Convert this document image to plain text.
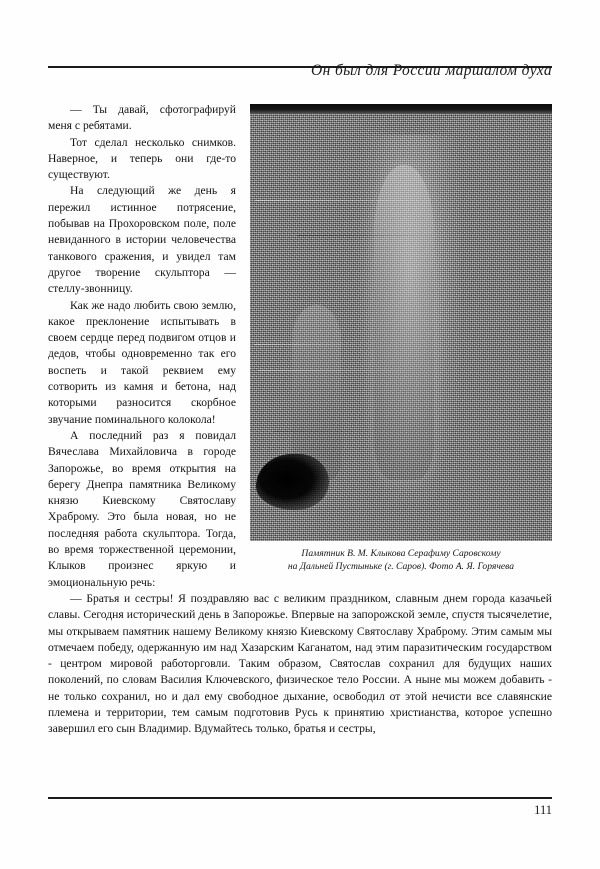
Он был для России маршалом духа
Памятник В. М. Клыкова Серафиму Саровскому
на Дальней Пустыньке (г. Саров). Фото А. Я. Горячева

— Ты давай, сфотографируй меня с ребятами.

Тот сделал несколько снимков. Наверное, и теперь они где-то существуют.

На следующий же день я пережил истинное потрясение, побывав на Прохоровском поле, поле невиданного в истории человечества танкового сражения, и увидел там другое творение скульптора — стеллу-звонницу.

Как же надо любить свою землю, какое преклонение испытывать в своем сердце перед подвигом отцов и дедов, чтобы одновременно так его воспеть и такой реквием ему сотворить из камня и бетона, над которыми разносится скорбное звучание поминального колокола!

А последний раз я повидал Вячеслава Михайловича в городе Запорожье, во время открытия на берегу Днепра памятника Великому князю Киевскому Святославу Храброму. Это была новая, но не последняя работа скульптора. Тогда, во время торжественной церемонии, Клыков произнес яркую и эмоциональную речь:

— Братья и сестры! Я поздравляю вас с великим праздником, славным днем города казачьей славы. Сегодня исторический день в Запорожье. Впервые на запорожской земле, спустя тысячелетие, мы открываем памятник нашему Великому князю Киевскому Святославу Храброму. Этим самым мы отмечаем победу, одержанную им над Хазарским Каганатом, над этим паразитическим государством - центром мировой работорговли. Таким образом, Святослав сохранил для будущих наших поколений, по словам Василия Ключевского, физическое тело России. А ныне мы можем добавить - не только сохранил, но и дал ему свободное дыхание, освободил от этой нечисти все славянские племена и территории, тем самым подготовив Русь к принятию христианства, которое успешно завершил его сын Владимир. Вдумайтесь только, братья и сестры,

111
